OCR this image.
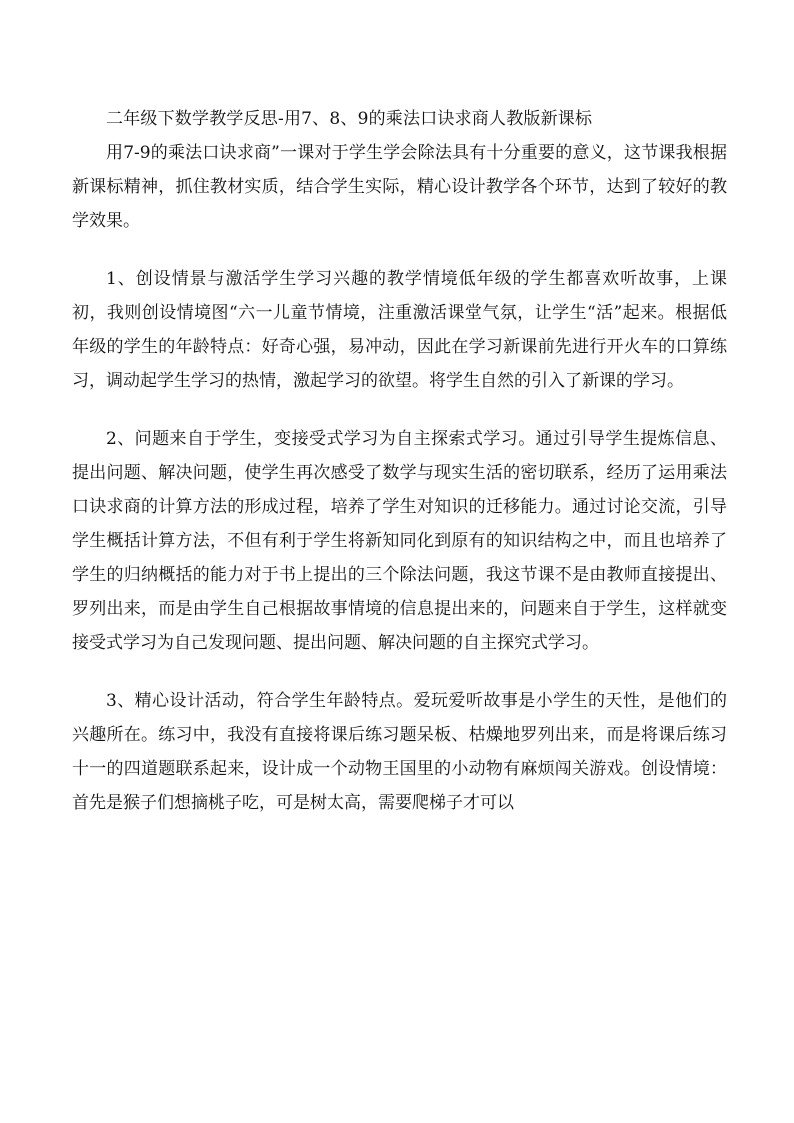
二年级下数学教学反思-用7、8、9的乘法口诀求商人教版新课标

用7-9的乘法口诀求商”一课对于学生学会除法具有十分重要的意义，这节课我根据新课标精神，抓住教材实质，结合学生实际，精心设计教学各个环节，达到了较好的教学效果。

1、创设情景与激活学生学习兴趣的教学情境低年级的学生都喜欢听故事，上课初，我则创设情境图“六一儿童节情境，注重激活课堂气氛，让学生“活”起来。根据低年级的学生的年龄特点：好奇心强，易冲动，因此在学习新课前先进行开火车的口算练习，调动起学生学习的热情，激起学习的欲望。将学生自然的引入了新课的学习。

2、问题来自于学生，变接受式学习为自主探索式学习。通过引导学生提炼信息、提出问题、解决问题，使学生再次感受了数学与现实生活的密切联系，经历了运用乘法口诀求商的计算方法的形成过程，培养了学生对知识的迁移能力。通过讨论交流，引导学生概括计算方法，不但有利于学生将新知同化到原有的知识结构之中，而且也培养了学生的归纳概括的能力对于书上提出的三个除法问题，我这节课不是由教师直接提出、罗列出来，而是由学生自己根据故事情境的信息提出来的，问题来自于学生，这样就变接受式学习为自己发现问题、提出问题、解决问题的自主探究式学习。

3、精心设计活动，符合学生年龄特点。爱玩爱听故事是小学生的天性，是他们的兴趣所在。练习中，我没有直接将课后练习题呆板、枯燥地罗列出来，而是将课后练习十一的四道题联系起来，设计成一个动物王国里的小动物有麻烦闯关游戏。创设情境：首先是猴子们想摘桃子吃，可是树太高，需要爬梯子才可以
